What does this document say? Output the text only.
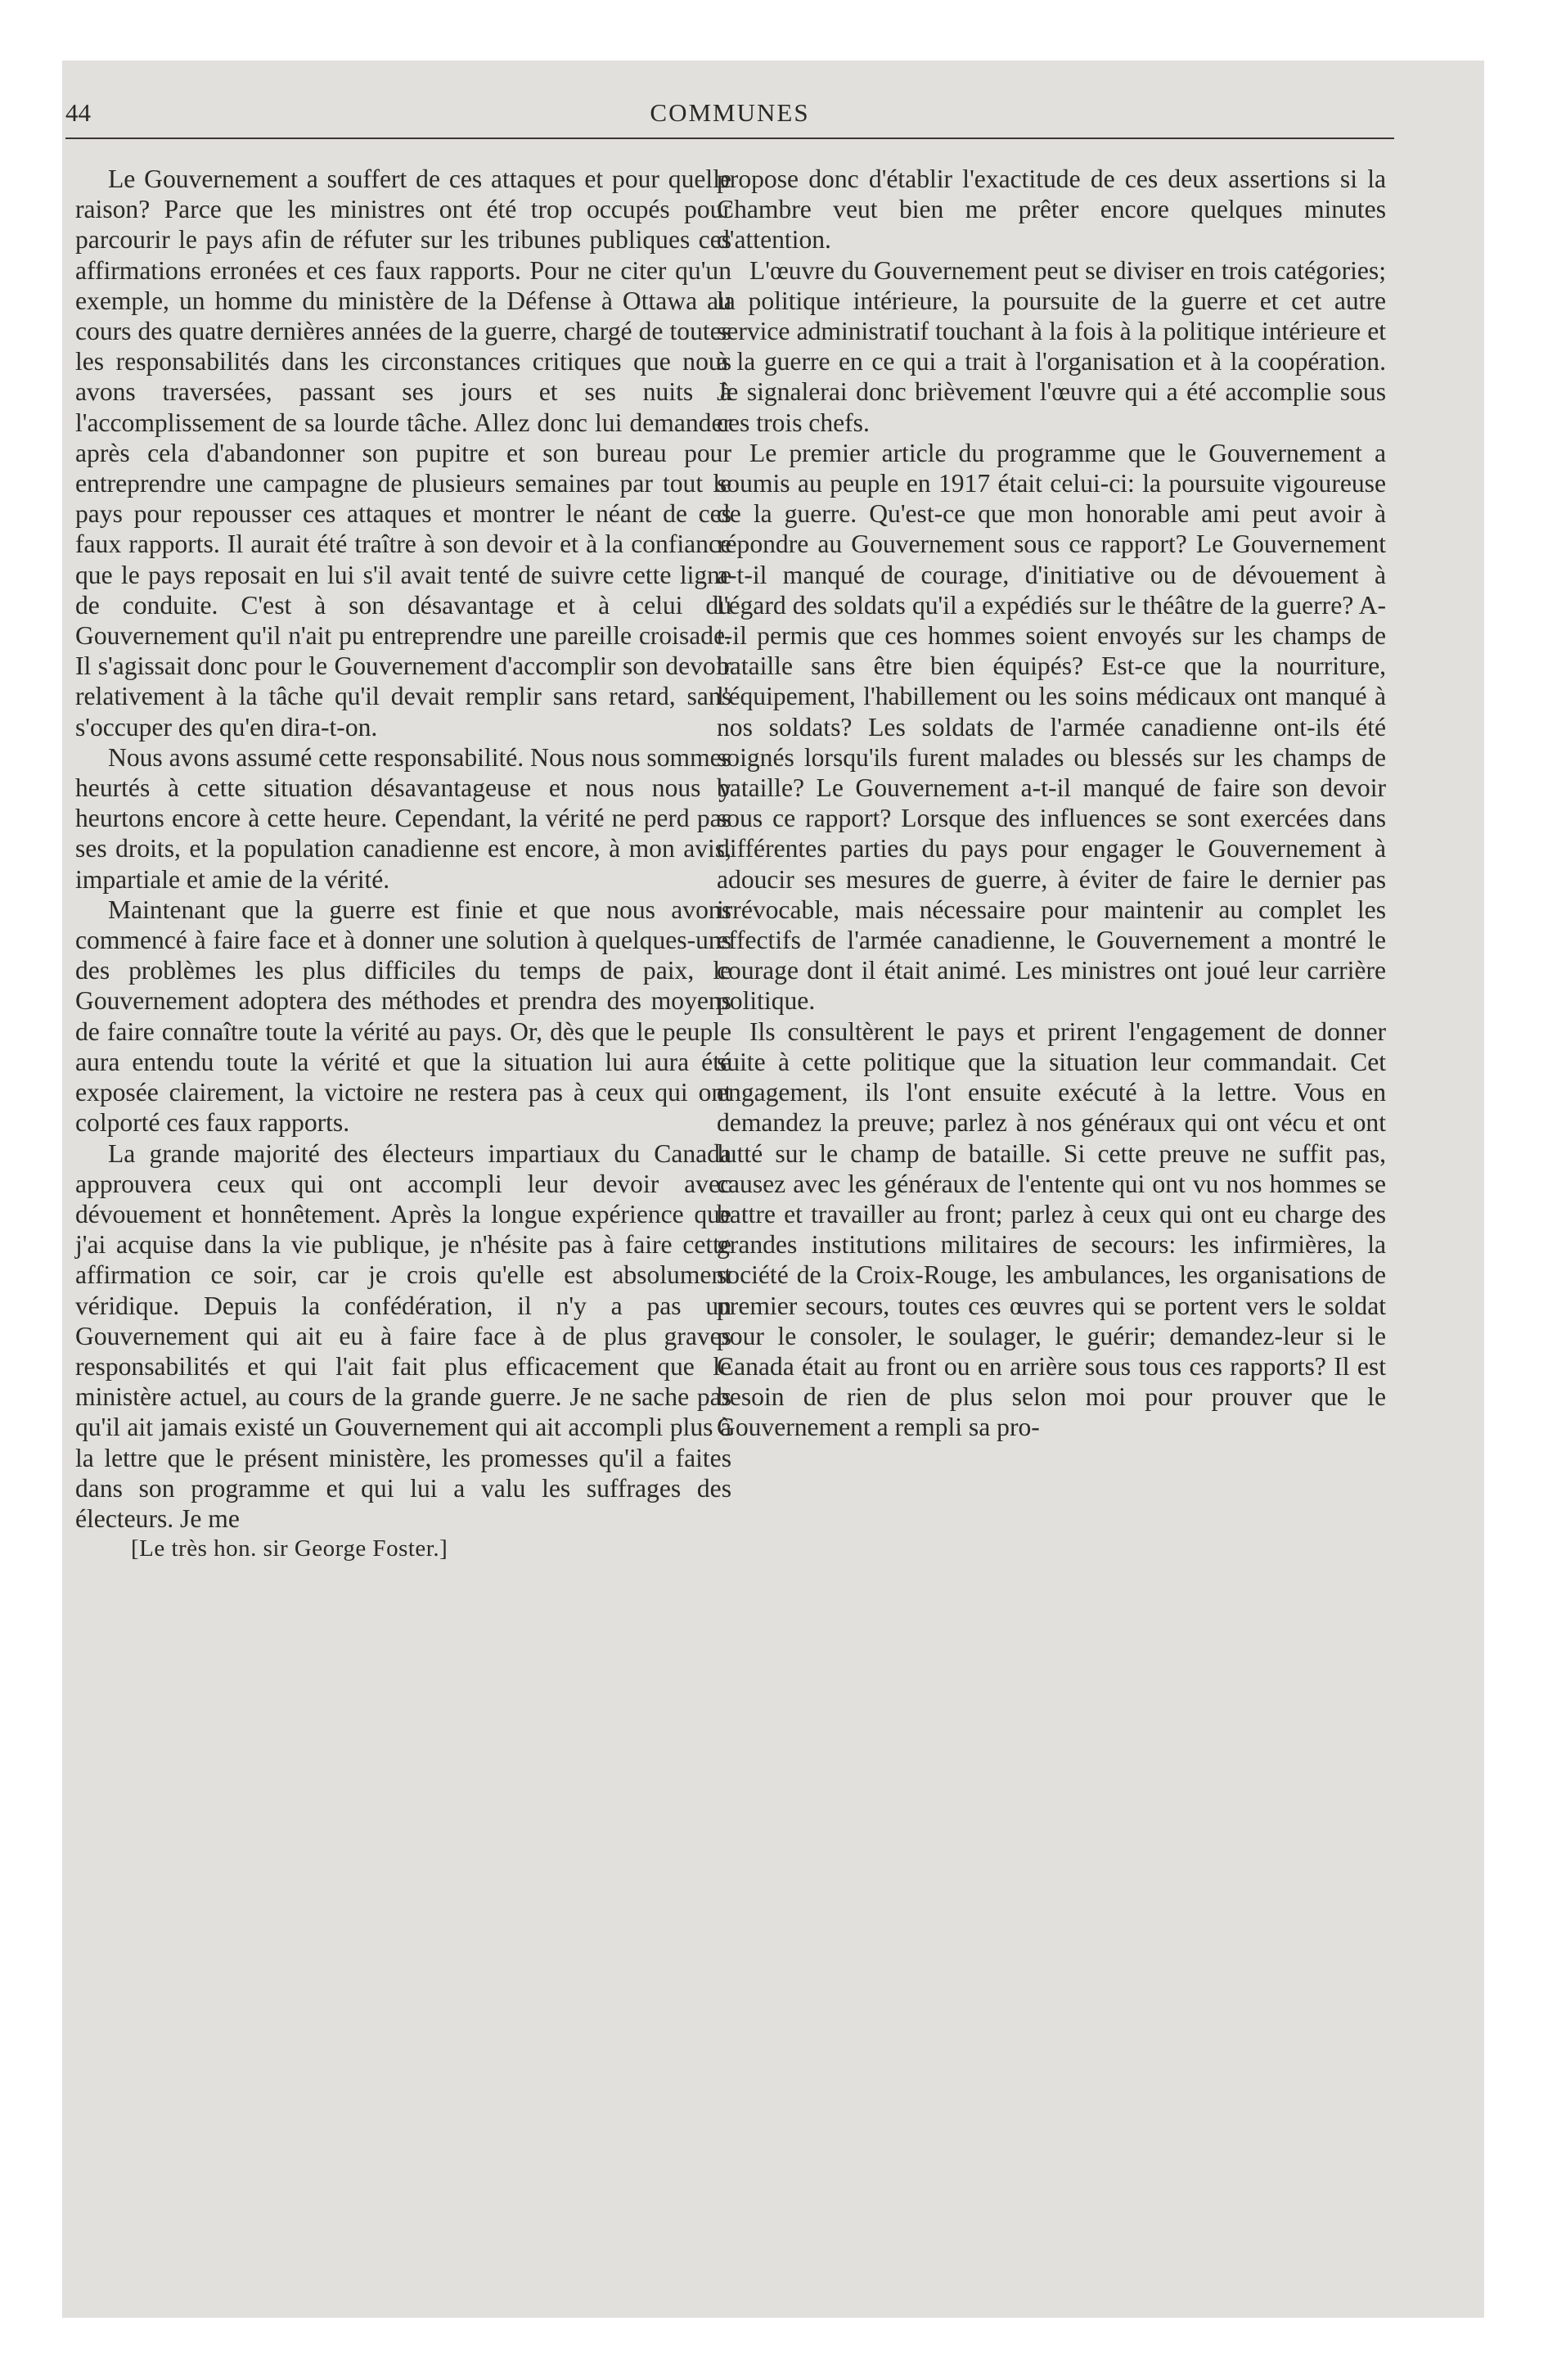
44	COMMUNES

Le Gouvernement a souffert de ces attaques et pour quelle raison? Parce que les ministres ont été trop occupés pour parcourir le pays afin de réfuter sur les tribunes publiques ces affirmations erronées et ces faux rapports. Pour ne citer qu'un exemple, un homme du ministère de la Défense à Ottawa au cours des quatre dernières années de la guerre, chargé de toutes les responsabilités dans les circonstances critiques que nous avons traversées, passant ses jours et ses nuits à l'accomplissement de sa lourde tâche. Allez donc lui demander après cela d'abandonner son pupitre et son bureau pour entreprendre une campagne de plusieurs semaines par tout le pays pour repousser ces attaques et montrer le néant de ces faux rapports. Il aurait été traître à son devoir et à la confiance que le pays reposait en lui s'il avait tenté de suivre cette ligne de conduite. C'est à son désavantage et à celui du Gouvernement qu'il n'ait pu entreprendre une pareille croisade. Il s'agissait donc pour le Gouvernement d'accomplir son devoir relativement à la tâche qu'il devait remplir sans retard, sans s'occuper des qu'en dira-t-on.

Nous avons assumé cette responsabilité. Nous nous sommes heurtés à cette situation désavantageuse et nous nous y heurtons encore à cette heure. Cependant, la vérité ne perd pas ses droits, et la population canadienne est encore, à mon avis, impartiale et amie de la vérité.

Maintenant que la guerre est finie et que nous avons commencé à faire face et à donner une solution à quelques-uns des problèmes les plus difficiles du temps de paix, le Gouvernement adoptera des méthodes et prendra des moyens de faire connaître toute la vérité au pays. Or, dès que le peuple aura entendu toute la vérité et que la situation lui aura été exposée clairement, la victoire ne restera pas à ceux qui ont colporté ces faux rapports.

La grande majorité des électeurs impartiaux du Canada approuvera ceux qui ont accompli leur devoir avec dévouement et honnêtement. Après la longue expérience que j'ai acquise dans la vie publique, je n'hésite pas à faire cette affirmation ce soir, car je crois qu'elle est absolument véridique. Depuis la confédération, il n'y a pas un Gouvernement qui ait eu à faire face à de plus graves responsabilités et qui l'ait fait plus efficacement que le ministère actuel, au cours de la grande guerre. Je ne sache pas qu'il ait jamais existé un Gouvernement qui ait accompli plus à la lettre que le présent ministère, les promesses qu'il a faites dans son programme et qui lui a valu les suffrages des électeurs. Je me

[Le très hon. sir George Foster.]

propose donc d'établir l'exactitude de ces deux assertions si la Chambre veut bien me prêter encore quelques minutes d'attention.

L'œuvre du Gouvernement peut se diviser en trois catégories; la politique intérieure, la poursuite de la guerre et cet autre service administratif touchant à la fois à la politique intérieure et à la guerre en ce qui a trait à l'organisation et à la coopération. Je signalerai donc brièvement l'œuvre qui a été accomplie sous ces trois chefs.

Le premier article du programme que le Gouvernement a soumis au peuple en 1917 était celui-ci: la poursuite vigoureuse de la guerre. Qu'est-ce que mon honorable ami peut avoir à répondre au Gouvernement sous ce rapport? Le Gouvernement a-t-il manqué de courage, d'initiative ou de dévouement à l'égard des soldats qu'il a expédiés sur le théâtre de la guerre? A-t-il permis que ces hommes soient envoyés sur les champs de bataille sans être bien équipés? Est-ce que la nourriture, l'équipement, l'habillement ou les soins médicaux ont manqué à nos soldats? Les soldats de l'armée canadienne ont-ils été soignés lorsqu'ils furent malades ou blessés sur les champs de bataille? Le Gouvernement a-t-il manqué de faire son devoir sous ce rapport? Lorsque des influences se sont exercées dans différentes parties du pays pour engager le Gouvernement à adoucir ses mesures de guerre, à éviter de faire le dernier pas irrévocable, mais nécessaire pour maintenir au complet les effectifs de l'armée canadienne, le Gouvernement a montré le courage dont il était animé. Les ministres ont joué leur carrière politique.

Ils consultèrent le pays et prirent l'engagement de donner suite à cette politique que la situation leur commandait. Cet engagement, ils l'ont ensuite exécuté à la lettre. Vous en demandez la preuve; parlez à nos généraux qui ont vécu et ont lutté sur le champ de bataille. Si cette preuve ne suffit pas, causez avec les généraux de l'entente qui ont vu nos hommes se battre et travailler au front; parlez à ceux qui ont eu charge des grandes institutions militaires de secours: les infirmières, la société de la Croix-Rouge, les ambulances, les organisations de premier secours, toutes ces œuvres qui se portent vers le soldat pour le consoler, le soulager, le guérir; demandez-leur si le Canada était au front ou en arrière sous tous ces rapports? Il est besoin de rien de plus selon moi pour prouver que le Gouvernement a rempli sa pro-
